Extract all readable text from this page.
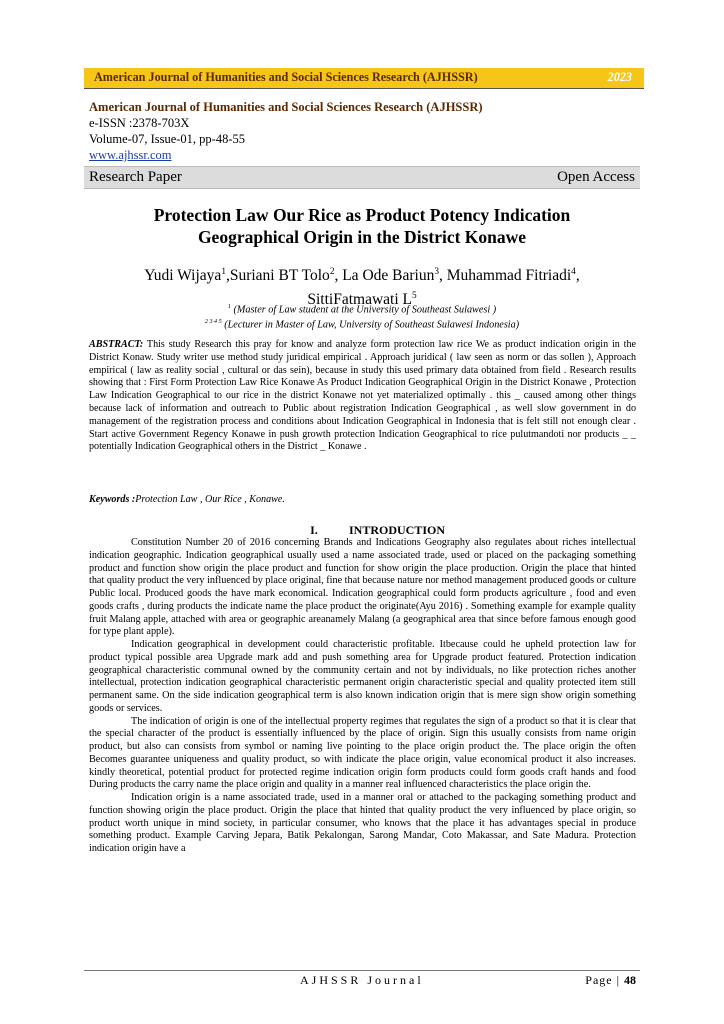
American Journal of Humanities and Social Sciences Research (AJHSSR)	2023
American Journal of Humanities and Social Sciences Research (AJHSSR)
e-ISSN :2378-703X
Volume-07, Issue-01, pp-48-55
www.ajhssr.com
Research Paper	Open Access
Protection Law Our Rice as Product Potency Indication
Geographical Origin in the District Konawe
Yudi Wijaya$^1$,Suriani BT Tolo$^2$, La Ode Bariun$^3$, Muhammad Fitriadi$^4$,
SittiFatmawati $L^5$
$^1$ (Master of Law student at the University of Southeast Sulawesi )
$^{2 3 4 5}$ (Lecturer in Master of Law, University of Southeast Sulawesi Indonesia)

ABSTRACT: This study Research this pray for know and analyze form protection law rice We as product indication origin in the District Konaw. Study writer use method study juridical empirical . Approach juridical ( law seen as norm or das sollen ), Approach empirical ( law as reality social , cultural or das sein), because in study this used primary data obtained from field . Research results showing that : First Form Protection Law Rice Konawe As Product Indication Geographical Origin in the District Konawe , Protection Law Indication Geographical to our rice in the district Konawe not yet materialized optimally . this _ caused among other things because lack of information and outreach to Public about registration Indication Geographical , as well slow government in do management of the registration process and conditions about Indication Geographical in Indonesia that is felt still not enough clear . Start active Government Regency Konawe in push growth protection Indication Geographical to rice pulutmandoti nor products _ _ potentially Indication Geographical others in the District _ Konawe .

Keywords :Protection Law , Our Rice , Konawe.
I.	INTRODUCTION

Constitution Number 20 of 2016 concerning Brands and Indications Geography also regulates about riches intellectual indication geographic. Indication geographical usually used a name associated trade, used or placed on the packaging something product and function show origin the place product and function for show origin the place production. Origin the place that hinted that quality product the very influenced by place original, fine that because nature nor method management produced goods or culture Public local. Produced goods the have mark economical. Indication geographical could form products agriculture , food and even goods crafts , during products the indicate name the place product the originate(Ayu 2016) . Something example for example quality fruit Malang apple, attached with area or geographic areanamely Malang (a geographical area that since before famous enough good for type plant apple).

Indication geographical in development could characteristic profitable. Itbecause could he upheld protection law for product typical possible area Upgrade mark add and push something area for Upgrade product featured. Protection indication geographical characteristic communal owned by the community certain and not by individuals, no like protection riches another intellectual, protection indication geographical characteristic permanent origin characteristic special and quality protected item still permanent same. On the side indication geographical term is also known indication origin that is mere sign show origin something goods or services.

The indication of origin is one of the intellectual property regimes that regulates the sign of a product so that it is clear that the special character of the product is essentially influenced by the place of origin. Sign this usually consists from name origin product, but also can consists from symbol or naming live pointing to the place origin product the. The place origin the often Becomes guarantee uniqueness and quality product, so with indicate the place origin, value economical product it also increases. kindly theoretical, potential product for protected regime indication origin form products could form goods craft hands and food During products the carry name the place origin and quality in a manner real influenced characteristics the place origin the.

Indication origin is a name associated trade, used in a manner oral or attached to the packaging something product and function showing origin the place product. Origin the place that hinted that quality product the very influenced by place origin, so product worth unique in mind society, in particular consumer, who knows that the place it has advantages special in produce something product. Example Carving Jepara, Batik Pekalongan, Sarong Mandar, Coto Makassar, and Sate Madura. Protection indication origin have a

AJHSSR Journal	Page | 48
